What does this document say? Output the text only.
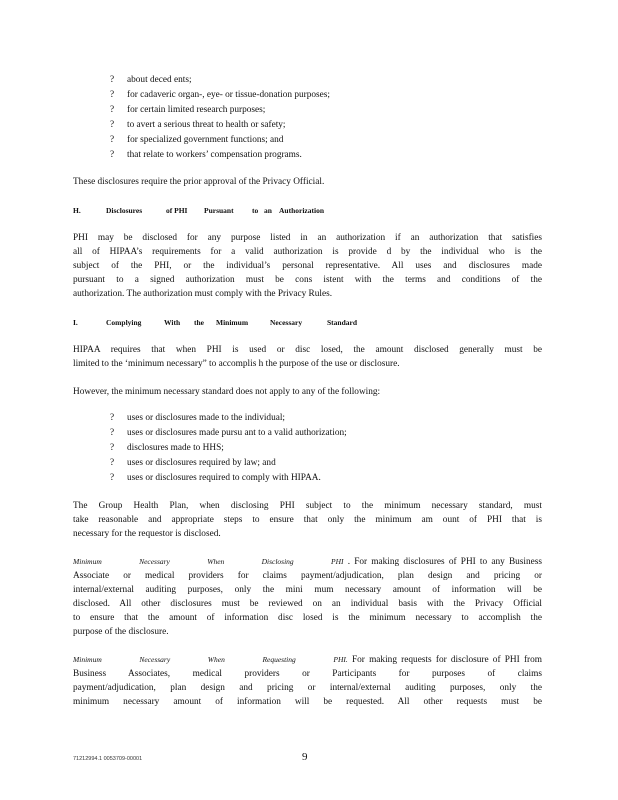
? about deced ents;
? for cadaveric organ-, eye- or tissue-donation purposes;
? for certain limited research purposes;
? to avert a serious threat to health or safety;
? for specialized government functions; and
? that relate to workers’ compensation programs.
These disclosures require the prior approval of the Privacy Official.
H.	Disclosures	of PHI Pursuant to an Authorization
PHI may be disclosed for any purpose listed in an authorization if an authorization that satisfies
all of HIPAA’s requirements for a valid authorization is provide d by the individual who is the
subject of the PHI, or the individual’s personal representative. All uses and disclosures made
pursuant to a signed authorization must be cons istent with the terms and conditions of the
authorization. The authorization must comply with the Privacy Rules.
I.	Complying	With the Minimum	Necessary	Standard
HIPAA requires that when PHI is used or disc losed, the amount disclosed generally must be
limited to the ‘minimum necessary” to accomplis h the purpose of the use or disclosure.
However, the minimum necessary standard does not apply to any of the following:
? uses or disclosures made to the individual;
? uses or disclosures made pursu ant to a valid authorization;
? disclosures made to HHS;
? uses or disclosures required by law; and
? uses or disclosures required to comply with HIPAA.
The Group Health Plan, when disclosing PHI subject to the minimum necessary standard, must
take reasonable and appropriate steps to ensure that only the minimum am ount of PHI that is
necessary for the requestor is disclosed.
Minimum	Necessary	When	Disclosing	PHI . For making disclosures of PHI to any Business
Associate or medical providers for claims payment/adjudication, plan design and pricing or
internal/external auditing purposes, only the mini mum necessary amount of information will be
disclosed. All other disclosures must be reviewed on an individual basis with the Privacy Official
to ensure that the amount of information disc losed is the minimum necessary to accomplish the
purpose of the disclosure.
Minimum	Necessary	When	Requesting	PHI. For making requests for disclosure of PHI from
Business Associates, medical providers or Participants for purposes of claims
payment/adjudication, plan design and pricing or internal/external auditing purposes, only the
minimum necessary amount of information will be requested. All other requests must be
71212994.1 0053709-00001	9
